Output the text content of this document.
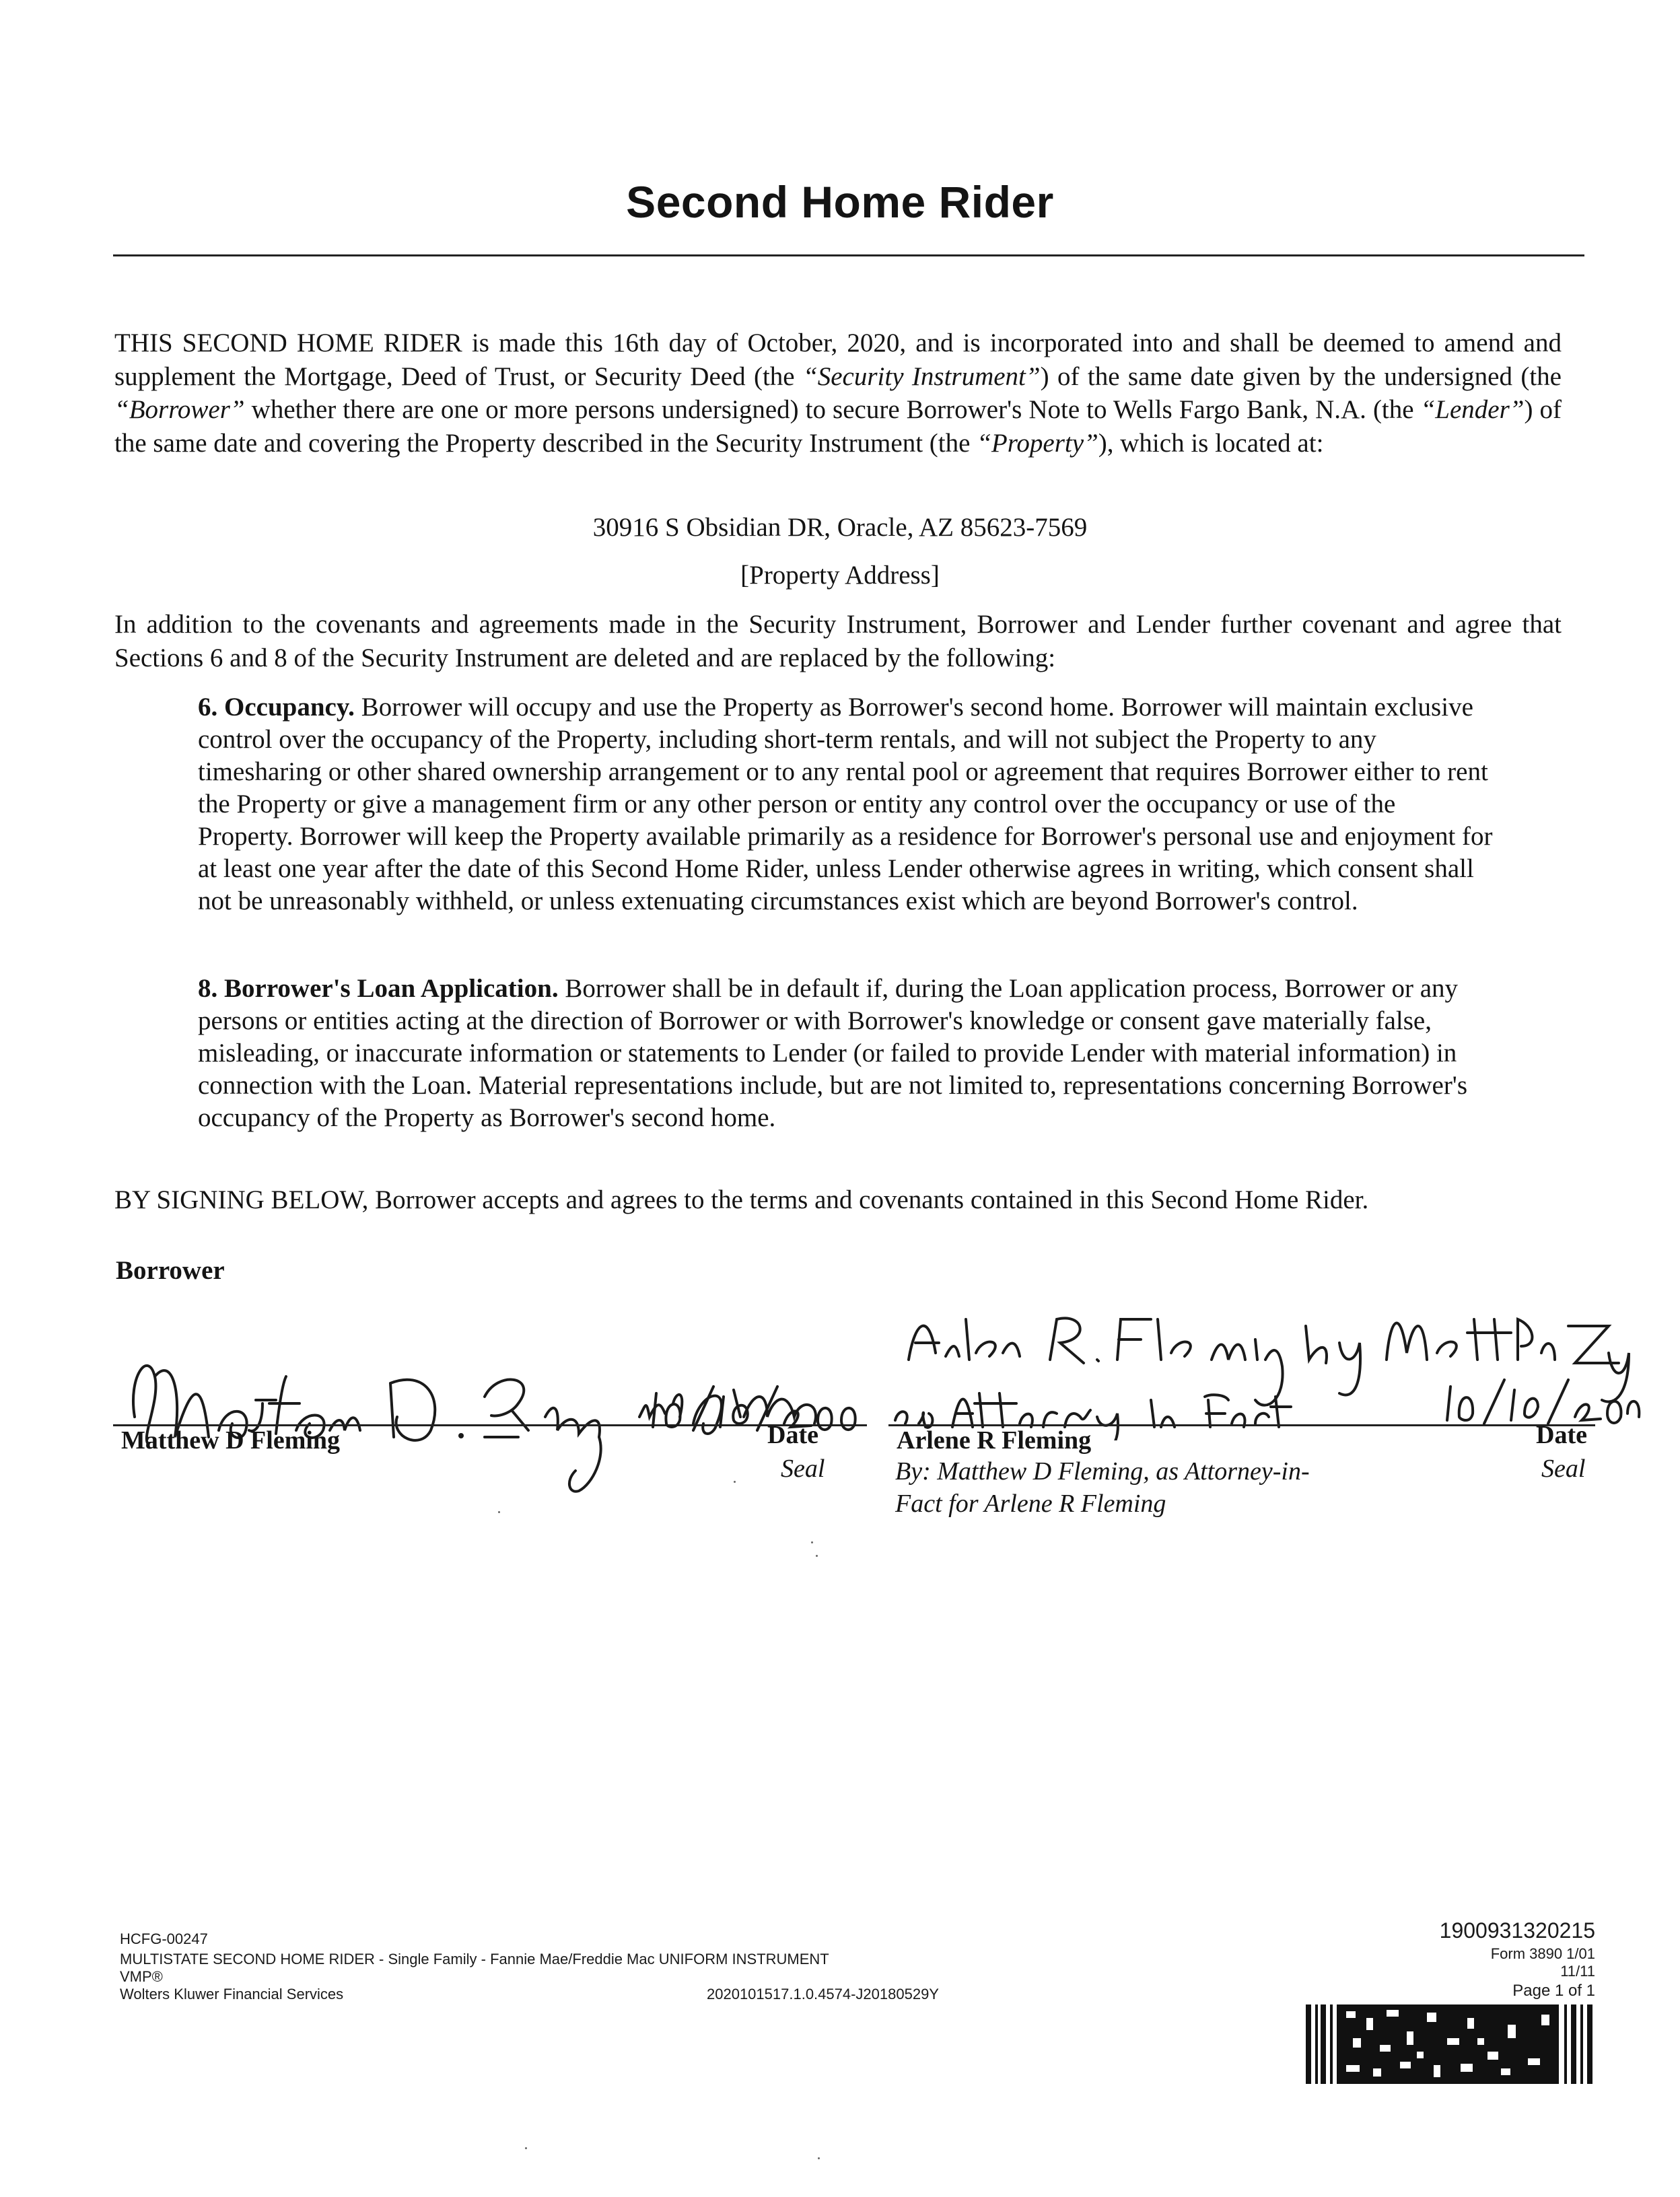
Second Home Rider
THIS SECOND HOME RIDER is made this 16th day of October, 2020, and is incorporated into and shall be deemed to amend and supplement the Mortgage, Deed of Trust, or Security Deed (the “Security Instrument”) of the same date given by the undersigned (the “Borrower” whether there are one or more persons undersigned) to secure Borrower's Note to Wells Fargo Bank, N.A. (the “Lender”) of the same date and covering the Property described in the Security Instrument (the “Property”), which is located at:
30916 S Obsidian DR, Oracle, AZ 85623-7569
[Property Address]
In addition to the covenants and agreements made in the Security Instrument, Borrower and Lender further covenant and agree that Sections 6 and 8 of the Security Instrument are deleted and are replaced by the following:
6. Occupancy. Borrower will occupy and use the Property as Borrower's second home. Borrower will maintain exclusive control over the occupancy of the Property, including short-term rentals, and will not subject the Property to any timesharing or other shared ownership arrangement or to any rental pool or agreement that requires Borrower either to rent the Property or give a management firm or any other person or entity any control over the occupancy or use of the Property. Borrower will keep the Property available primarily as a residence for Borrower's personal use and enjoyment for at least one year after the date of this Second Home Rider, unless Lender otherwise agrees in writing, which consent shall not be unreasonably withheld, or unless extenuating circumstances exist which are beyond Borrower's control.
8. Borrower's Loan Application. Borrower shall be in default if, during the Loan application process, Borrower or any persons or entities acting at the direction of Borrower or with Borrower's knowledge or consent gave materially false, misleading, or inaccurate information or statements to Lender (or failed to provide Lender with material information) in connection with the Loan. Material representations include, but are not limited to, representations concerning Borrower's occupancy of the Property as Borrower's second home.
BY SIGNING BELOW, Borrower accepts and agrees to the terms and covenants contained in this Second Home Rider.
Borrower
Matthew D Fleming	Date
Seal
Arlene R Fleming	Date
Seal
By: Matthew D Fleming, as Attorney-in-
Fact for Arlene R Fleming
HCFG-00247
MULTISTATE SECOND HOME RIDER - Single Family - Fannie Mae/Freddie Mac UNIFORM INSTRUMENT
VMP®
Wolters Kluwer Financial Services	2020101517.1.0.4574-J20180529Y
1900931320215
Form 3890 1/01
11/11
Page 1 of 1
